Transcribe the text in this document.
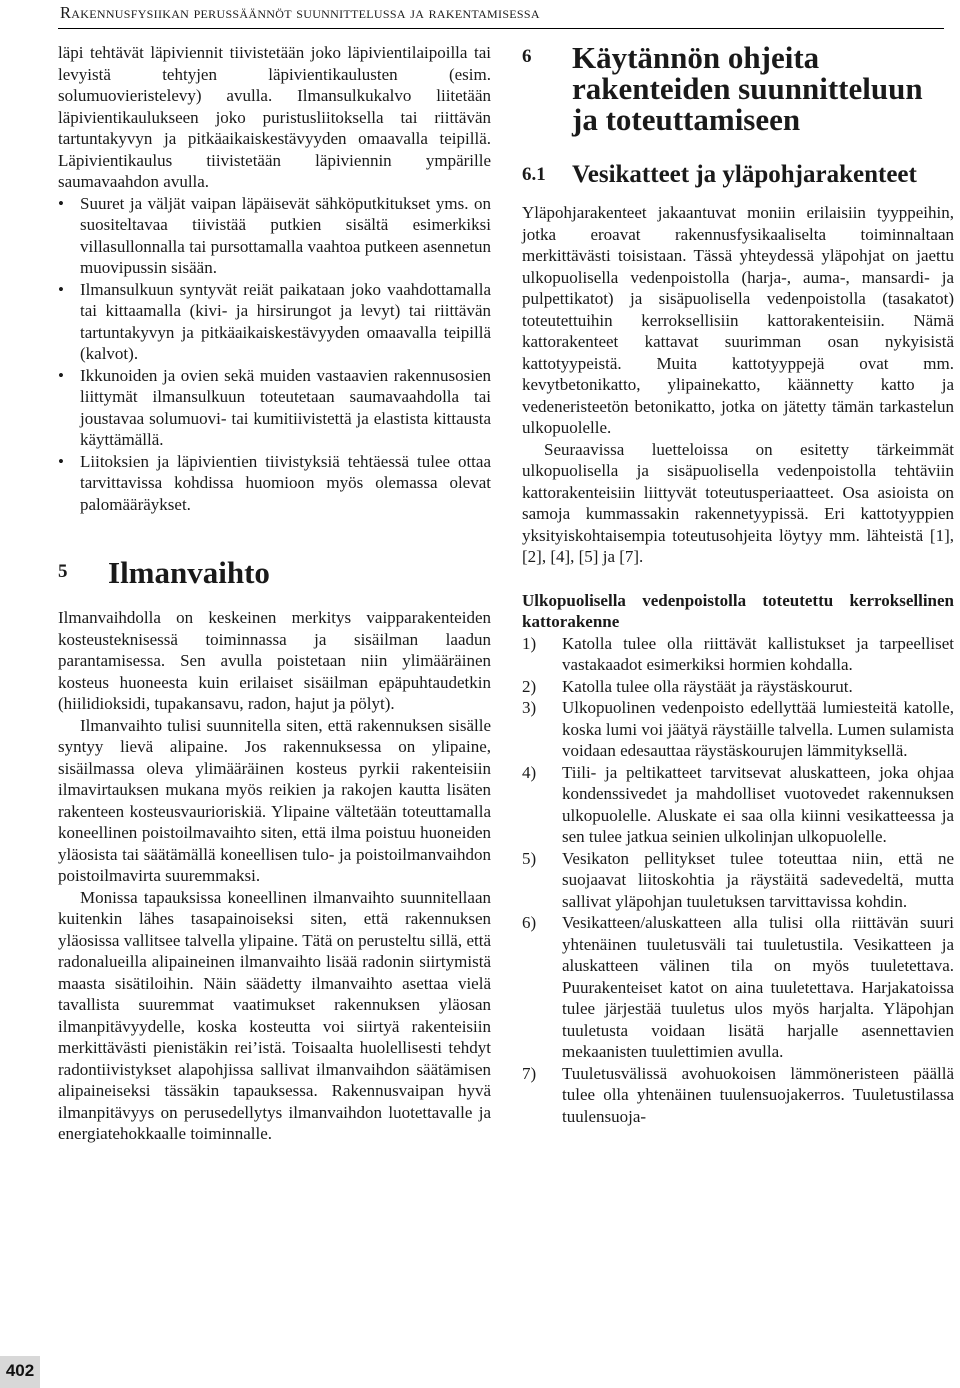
Rakennusfysiikan perussäännöt suunnittelussa ja rakentamisessa

läpi tehtävät läpiviennit tiivistetään joko läpivientilaipoilla tai levyistä tehtyjen läpivientikaulusten (esim. solumuovieristelevy) avulla. Ilmansulkukalvo liitetään läpivientikaulukseen joko puristusliitoksella tai riittävän tartuntakyvyn ja pitkäaikaiskestävyyden omaavalla teipillä. Läpivientikaulus tiivistetään läpiviennin ympärille saumavaahdon avulla.

• Suuret ja väljät vaipan läpäisevät sähköputkitukset yms. on suositeltavaa tiivistää putkien sisältä esimerkiksi villasullonnalla tai pursottamalla vaahtoa putkeen asennetun muovipussin sisään.
• Ilmansulkuun syntyvät reiät paikataan joko vaahdottamalla tai kittaamalla (kivi- ja hirsirungot ja levyt) tai riittävän tartuntakyvyn ja pitkäaikaiskestävyyden omaavalla teipillä (kalvot).
• Ikkunoiden ja ovien sekä muiden vastaavien rakennusosien liittymät ilmansulkuun toteutetaan saumavaahdolla tai joustavaa solumuovi- tai kumitiivistettä ja elastista kittausta käyttämällä.
• Liitoksien ja läpivientien tiivistyksiä tehtäessä tulee ottaa tarvittavissa kohdissa huomioon myös olemassa olevat palomääräykset.
5	Ilmanvaihto

Ilmanvaihdolla on keskeinen merkitys vaipparakenteiden kosteusteknisessä toiminnassa ja sisäilman laadun parantamisessa. Sen avulla poistetaan niin ylimääräinen kosteus huoneesta kuin erilaiset sisäilman epäpuhtaudetkin (hiilidioksidi, tupakansavu, radon, hajut ja pölyt).

Ilmanvaihto tulisi suunnitella siten, että rakennuksen sisälle syntyy lievä alipaine. Jos rakennuksessa on ylipaine, sisäilmassa oleva ylimääräinen kosteus pyrkii rakenteisiin ilmavirtauksen mukana myös reikien ja rakojen kautta lisäten rakenteen kosteusvaurioriskiä. Ylipaine vältetään toteuttamalla koneellinen poistoilmavaihto siten, että ilma poistuu huoneiden yläosista tai säätämällä koneellisen tulo- ja poistoilmanvaihdon poistoilmavirta suuremmaksi.

Monissa tapauksissa koneellinen ilmanvaihto suunnitellaan kuitenkin lähes tasapainoiseksi siten, että rakennuksen yläosissa vallitsee talvella ylipaine. Tätä on perusteltu sillä, että radonalueilla alipaineinen ilmanvaihto lisää radonin siirtymistä maasta sisätiloihin. Näin säädetty ilmanvaihto asettaa vielä tavallista suuremmat vaatimukset rakennuksen yläosan ilmanpitävyydelle, koska kosteutta voi siirtyä rakenteisiin merkittävästi pienistäkin rei’istä. Toisaalta huolellisesti tehdyt radontiivistykset alapohjissa sallivat ilmanvaihdon säätämisen alipaineiseksi tässäkin tapauksessa. Rakennusvaipan hyvä ilmanpitävyys on perusedellytys ilmanvaihdon luotettavalle ja energiatehokkaalle toiminnalle.

6	Käytännön ohjeita rakenteiden suunnitteluun ja toteuttamiseen
6.1	Vesikatteet ja yläpohjarakenteet

Yläpohjarakenteet jakaantuvat moniin erilaisiin tyyppeihin, jotka eroavat rakennusfysikaaliselta toiminnaltaan merkittävästi toisistaan. Tässä yhteydessä yläpohjat on jaettu ulkopuolisella vedenpoistolla (harja-, auma-, mansardi- ja pulpettikatot) ja sisäpuolisella vedenpoistolla (tasakatot) toteutettuihin kerroksellisiin kattorakenteisiin. Nämä kattorakenteet kattavat suurimman osan nykyisistä kattotyypeistä. Muita kattotyyppejä ovat mm. kevytbetonikatto, ylipainekatto, käännetty katto ja vedeneristeetön betonikatto, jotka on jätetty tämän tarkastelun ulkopuolelle.

Seuraavissa luetteloissa on esitetty tärkeimmät ulkopuolisella ja sisäpuolisella vedenpoistolla tehtäviin kattorakenteisiin liittyvät toteutusperiaatteet. Osa asioista on samoja kummassakin rakennetyypissä. Eri kattotyyppien yksityiskohtaisempia toteutusohjeita löytyy mm. lähteistä [1], [2], [4], [5] ja [7].

Ulkopuolisella vedenpoistolla toteutettu kerroksellinen kattorakenne

1) Katolla tulee olla riittävät kallistukset ja tarpeelliset vastakaadot esimerkiksi hormien kohdalla.
2) Katolla tulee olla räystäät ja räystäskourut.
3) Ulkopuolinen vedenpoisto edellyttää lumiesteitä katolle, koska lumi voi jäätyä räystäille talvella. Lumen sulamista voidaan edesauttaa räystäskourujen lämmityksellä.
4) Tiili- ja peltikatteet tarvitsevat aluskatteen, joka ohjaa kondenssivedet ja mahdolliset vuotovedet rakennuksen ulkopuolelle. Aluskate ei saa olla kiinni vesikatteessa ja sen tulee jatkua seinien ulkolinjan ulkopuolelle.
5) Vesikaton pellitykset tulee toteuttaa niin, että ne suojaavat liitoskohtia ja räystäitä sadevedeltä, mutta sallivat yläpohjan tuuletuksen tarvittavissa kohdin.
6) Vesikatteen/aluskatteen alla tulisi olla riittävän suuri yhtenäinen tuuletusväli tai tuuletustila. Vesikatteen ja aluskatteen välinen tila on myös tuuletettava. Puurakenteiset katot on aina tuuletettava. Harjakatoissa tulee järjestää tuuletus ulos myös harjalta. Yläpohjan tuuletusta voidaan lisätä harjalle asennettavien mekaanisten tuulettimien avulla.
7) Tuuletusvälissä avohuokoisen lämmöneristeen päällä tulee olla yhtenäinen tuulensuojakerros. Tuuletustilassa tuulensuoja-
402
